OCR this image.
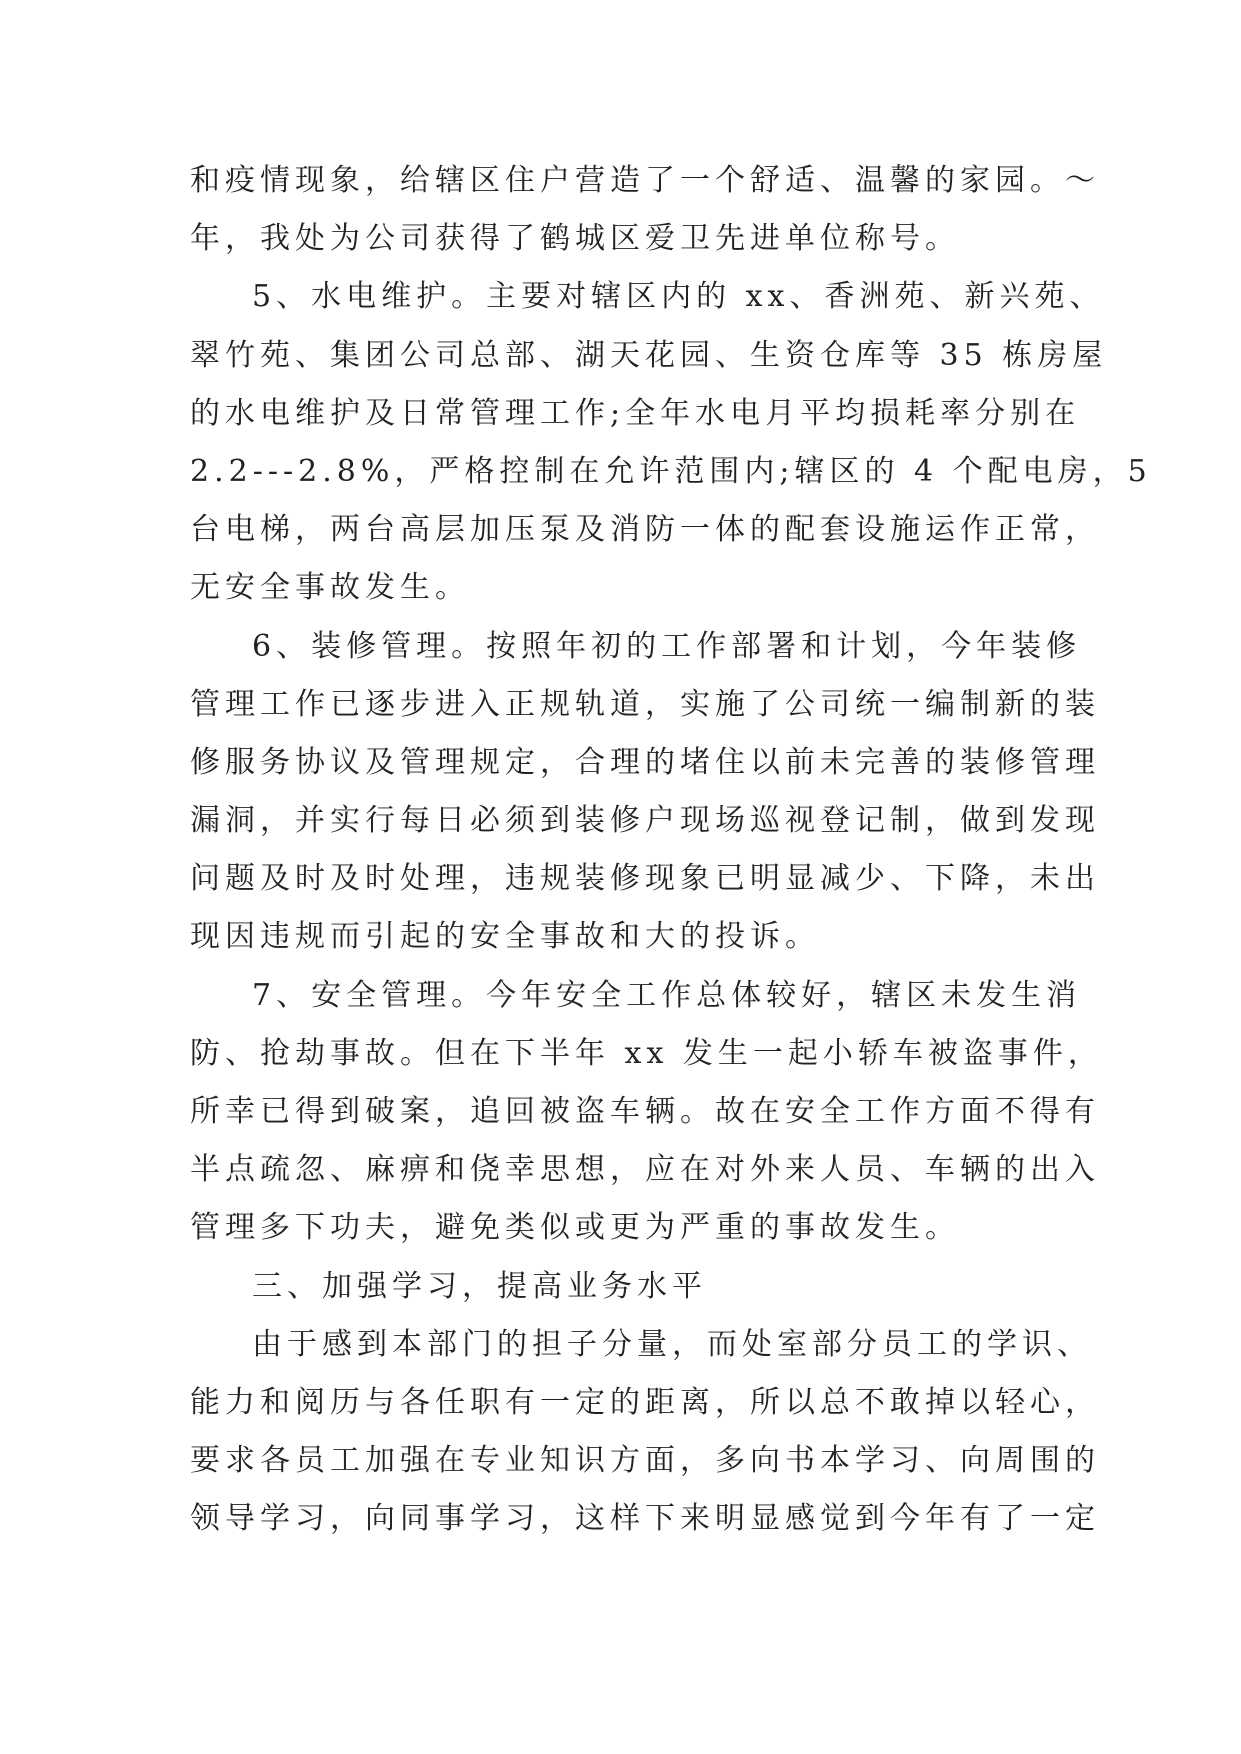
和疫情现象，给辖区住户营造了一个舒适、温馨的家园。～
年，我处为公司获得了鹤城区爱卫先进单位称号。
5、水电维护。主要对辖区内的 xx、香洲苑、新兴苑、
翠竹苑、集团公司总部、湖天花园、生资仓库等 35 栋房屋
的水电维护及日常管理工作;全年水电月平均损耗率分别在
2.2---2.8%，严格控制在允许范围内;辖区的 4 个配电房，5
台电梯，两台高层加压泵及消防一体的配套设施运作正常，
无安全事故发生。
6、装修管理。按照年初的工作部署和计划，今年装修
管理工作已逐步进入正规轨道，实施了公司统一编制新的装
修服务协议及管理规定，合理的堵住以前未完善的装修管理
漏洞，并实行每日必须到装修户现场巡视登记制，做到发现
问题及时及时处理，违规装修现象已明显减少、下降，未出
现因违规而引起的安全事故和大的投诉。
7、安全管理。今年安全工作总体较好，辖区未发生消
防、抢劫事故。但在下半年 xx 发生一起小轿车被盗事件，
所幸已得到破案，追回被盗车辆。故在安全工作方面不得有
半点疏忽、麻痹和侥幸思想，应在对外来人员、车辆的出入
管理多下功夫，避免类似或更为严重的事故发生。
三、加强学习，提高业务水平
由于感到本部门的担子分量，而处室部分员工的学识、
能力和阅历与各任职有一定的距离，所以总不敢掉以轻心，
要求各员工加强在专业知识方面，多向书本学习、向周围的
领导学习，向同事学习，这样下来明显感觉到今年有了一定
